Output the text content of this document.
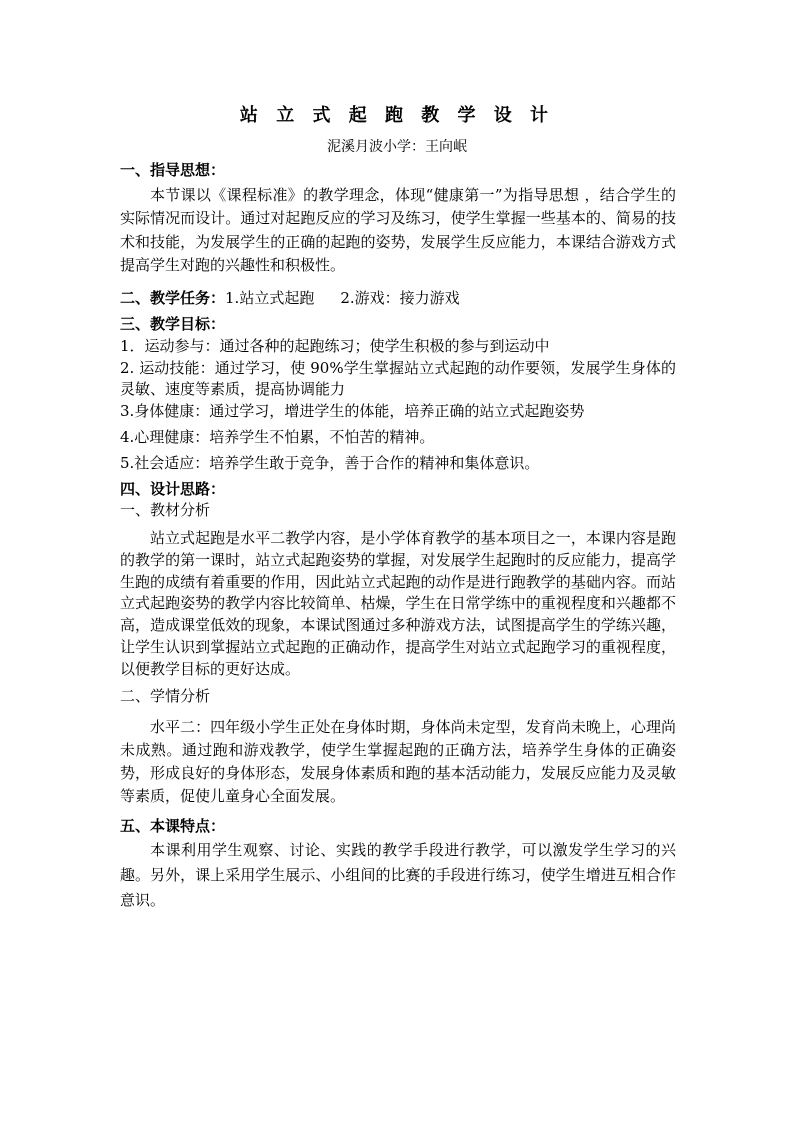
站 立 式 起 跑 教 学 设 计
泥溪月波小学：王向岷
一、指导思想：
本节课以《课程标准》的教学理念，体现“健康第一”为指导思想 ，结合学生的实际情况而设计。通过对起跑反应的学习及练习，使学生掌握一些基本的、简易的技术和技能，为发展学生的正确的起跑的姿势，发展学生反应能力，本课结合游戏方式提高学生对跑的兴趣性和积极性。
二、教学任务：1.站立式起跑 2.游戏：接力游戏
三、教学目标：
1．运动参与：通过各种的起跑练习；使学生积极的参与到运动中
2. 运动技能：通过学习，使 90%学生掌握站立式起跑的动作要领，发展学生身体的灵敏、速度等素质，提高协调能力
3.身体健康：通过学习，增进学生的体能，培养正确的站立式起跑姿势
4.心理健康：培养学生不怕累，不怕苦的精神。
5.社会适应：培养学生敢于竞争，善于合作的精神和集体意识。
四、设计思路：
一、教材分析
站立式起跑是水平二教学内容，是小学体育教学的基本项目之一，本课内容是跑的教学的第一课时，站立式起跑姿势的掌握，对发展学生起跑时的反应能力，提高学生跑的成绩有着重要的作用，因此站立式起跑的动作是进行跑教学的基础内容。而站立式起跑姿势的教学内容比较简单、枯燥，学生在日常学练中的重视程度和兴趣都不高，造成课堂低效的现象，本课试图通过多种游戏方法，试图提高学生的学练兴趣，让学生认识到掌握站立式起跑的正确动作，提高学生对站立式起跑学习的重视程度，以便教学目标的更好达成。
二、学情分析
水平二：四年级小学生正处在身体时期，身体尚未定型，发育尚未晚上，心理尚未成熟。通过跑和游戏教学，使学生掌握起跑的正确方法，培养学生身体的正确姿势，形成良好的身体形态，发展身体素质和跑的基本活动能力，发展反应能力及灵敏等素质，促使儿童身心全面发展。
五、本课特点：
本课利用学生观察、讨论、实践的教学手段进行教学，可以激发学生学习的兴趣。另外，课上采用学生展示、小组间的比赛的手段进行练习，使学生增进互相合作意识。
